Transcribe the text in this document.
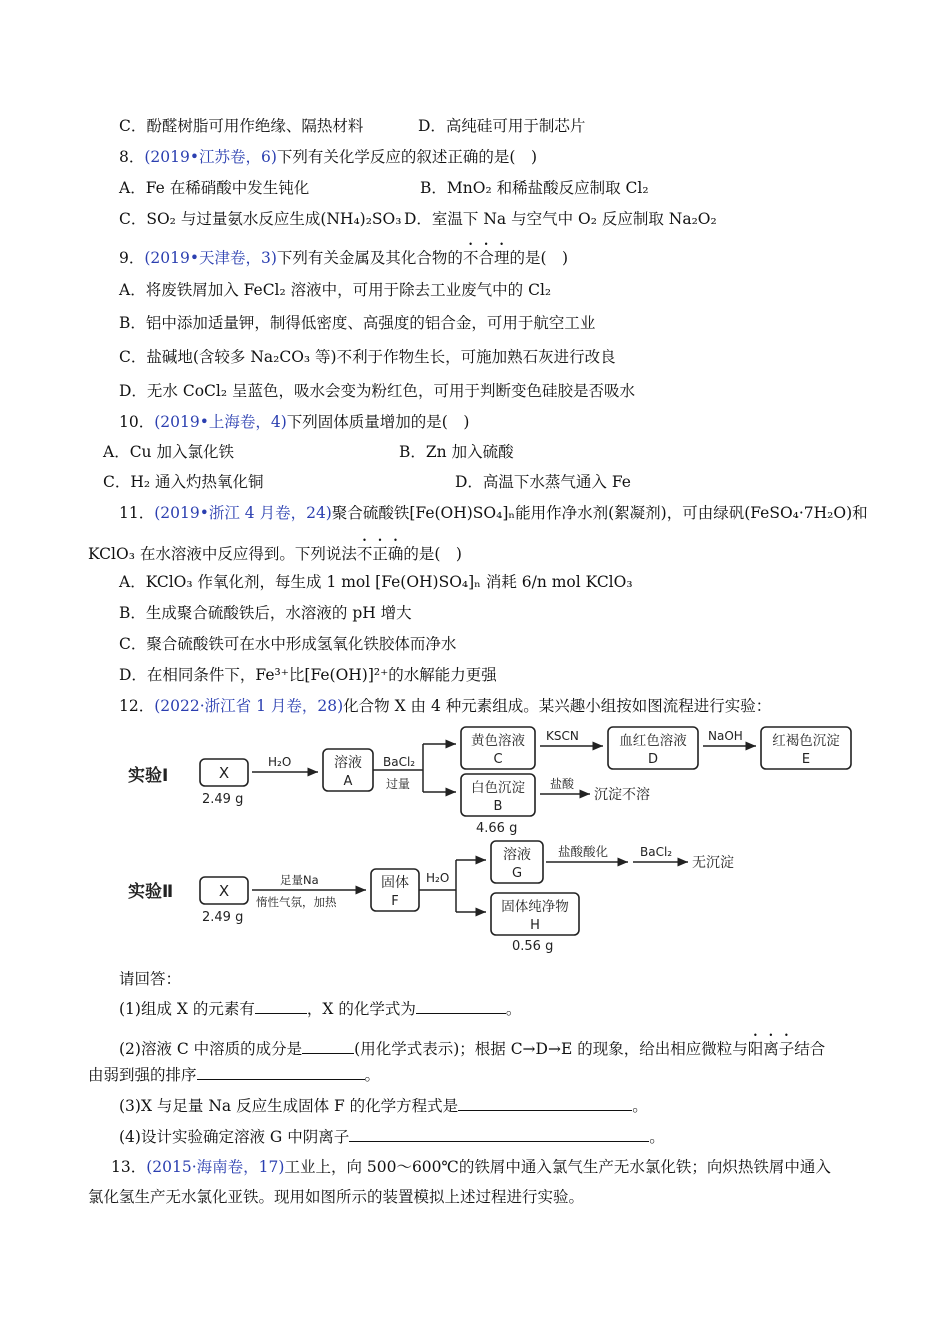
C．酚醛树脂可用作绝缘、隔热材料	D．高纯硅可用于制芯片
8．(2019•江苏卷，6)下列有关化学反应的叙述正确的是(　)
A．Fe 在稀硝酸中发生钝化	B．MnO₂ 和稀盐酸反应制取 Cl₂
C．SO₂ 与过量氨水反应生成(NH₄)₂SO₃ D．室温下 Na 与空气中 O₂ 反应制取 Na₂O₂
9．(2019•天津卷，3)下列有关金属及其化合物的不合理的是(　)
A．将废铁屑加入 FeCl₂ 溶液中，可用于除去工业废气中的 Cl₂
B．铝中添加适量钾，制得低密度、高强度的铝合金，可用于航空工业
C．盐碱地(含较多 Na₂CO₃ 等)不利于作物生长，可施加熟石灰进行改良
D．无水 CoCl₂ 呈蓝色，吸水会变为粉红色，可用于判断变色硅胶是否吸水
10．(2019•上海卷，4)下列固体质量增加的是(　)
A．Cu 加入氯化铁	B．Zn 加入硫酸
C．H₂ 通入灼热氧化铜	D．高温下水蒸气通入 Fe
11．(2019•浙江 4 月卷，24)聚合硫酸铁[Fe(OH)SO₄]ₙ能用作净水剂(絮凝剂)，可由绿矾(FeSO₄·7H₂O)和
KClO₃ 在水溶液中反应得到。下列说法不正确的是(　)
A．KClO₃ 作氧化剂，每生成 1 mol [Fe(OH)SO₄]ₙ 消耗 6/n mol KClO₃
B．生成聚合硫酸铁后，水溶液的 pH 增大
C．聚合硫酸铁可在水中形成氢氧化铁胶体而净水
D．在相同条件下，Fe³⁺比[Fe(OH)]²⁺的水解能力更强
12．(2022·浙江省 1 月卷，28)化合物 X 由 4 种元素组成。某兴趣小组按如图流程进行实验：
实验Ⅰ	X
2.49 g
H₂O	溶液
A
BaCl₂
过量
黄色溶液
C
KSCN	血红色溶液
D
NaOH 红褐色沉淀
E
白色沉淀
B
4.66 g
盐酸
沉淀不溶
实验Ⅱ	X
2.49 g
足量Na
惰性气氛，加热
固体
F
H₂O
溶液
G
盐酸酸化	BaCl₂
无沉淀
固体纯净物
H
0.56 g
请回答：
(1)组成 X 的元素有	，X 的化学式为	。
(2)溶液 C 中溶质的成分是	(用化学式表示)；根据 C→D→E 的现象，给出相应微粒与阳离子结合
由弱到强的排序	。
(3)X 与足量 Na 反应生成固体 F 的化学方程式是	。
(4)设计实验确定溶液 G 中阴离子	。
13．(2015·海南卷，17)工业上，向 500～600℃的铁屑中通入氯气生产无水氯化铁；向炽热铁屑中通入
氯化氢生产无水氯化亚铁。现用如图所示的装置模拟上述过程进行实验。
